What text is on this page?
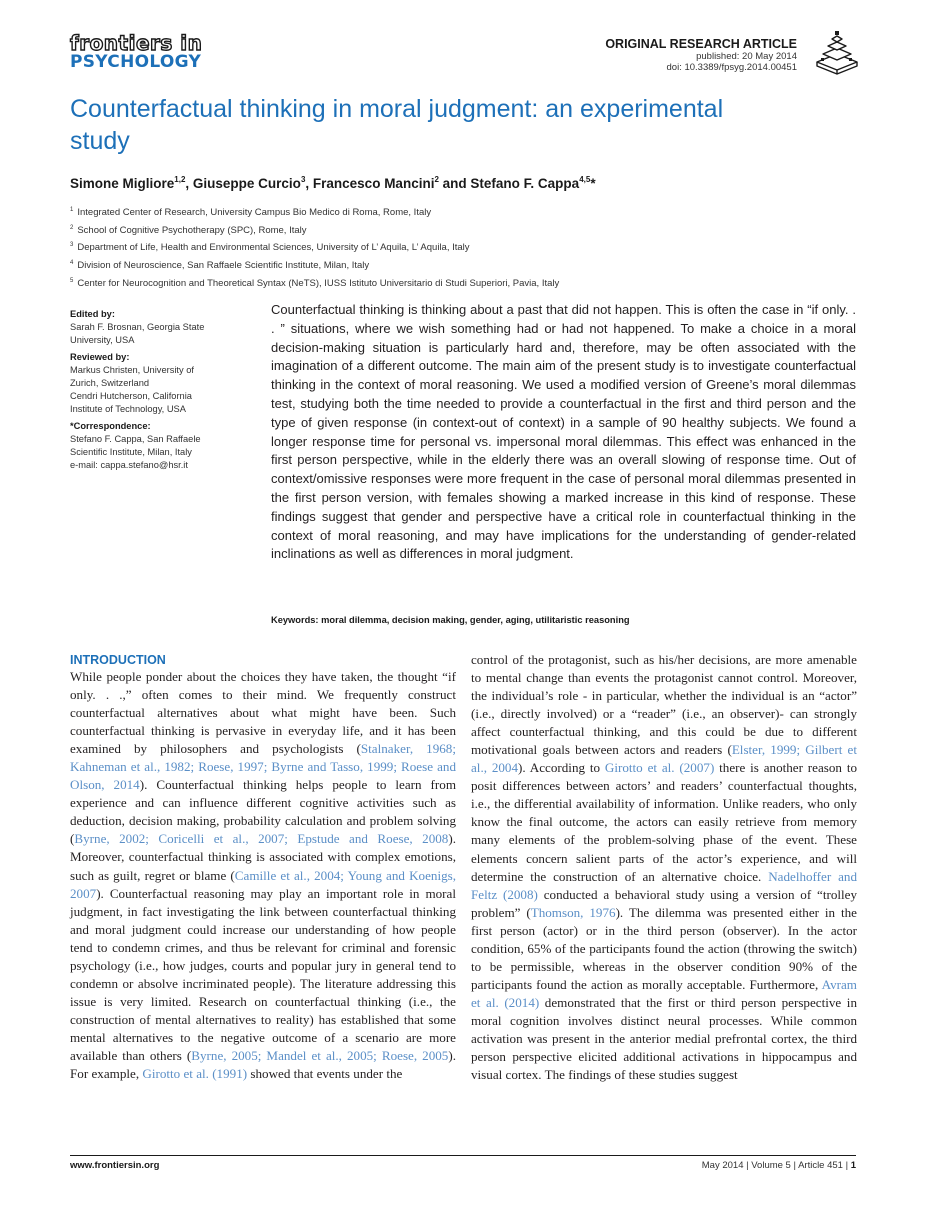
frontiers in
PSYCHOLOGY
ORIGINAL RESEARCH ARTICLE
published: 20 May 2014
doi: 10.3389/fpsyg.2014.00451
Counterfactual thinking in moral judgment: an experimental study
Simone Migliore$^{1,2}$, Giuseppe Curcio$^3$, Francesco Mancini$^2$ and Stefano F. Cappa$^{4,5}$*
$^1$ Integrated Center of Research, University Campus Bio Medico di Roma, Rome, Italy
$^2$ School of Cognitive Psychotherapy (SPC), Rome, Italy
$^3$ Department of Life, Health and Environmental Sciences, University of L’ Aquila, L’ Aquila, Italy
$^4$ Division of Neuroscience, San Raffaele Scientific Institute, Milan, Italy
$^5$ Center for Neurocognition and Theoretical Syntax (NeTS), IUSS Istituto Universitario di Studi Superiori, Pavia, Italy
Edited by:
Sarah F. Brosnan, Georgia State
University, USA
Reviewed by:
Markus Christen, University of
Zurich, Switzerland
Cendri Hutcherson, California
Institute of Technology, USA
*Correspondence:
Stefano F. Cappa, San Raffaele
Scientific Institute, Milan, Italy
e-mail: cappa.stefano@hsr.it

Counterfactual thinking is thinking about a past that did not happen. This is often the case in “if only. . . ” situations, where we wish something had or had not happened. To make a choice in a moral decision-making situation is particularly hard and, therefore, may be often associated with the imagination of a different outcome. The main aim of the present study is to investigate counterfactual thinking in the context of moral reasoning. We used a modified version of Greene’s moral dilemmas test, studying both the time needed to provide a counterfactual in the first and third person and the type of given response (in context-out of context) in a sample of 90 healthy subjects. We found a longer response time for personal vs. impersonal moral dilemmas. This effect was enhanced in the first person perspective, while in the elderly there was an overall slowing of response time. Out of context/omissive responses were more frequent in the case of personal moral dilemmas presented in the first person version, with females showing a marked increase in this kind of response. These findings suggest that gender and perspective have a critical role in counterfactual thinking in the context of moral reasoning, and may have implications for the understanding of gender-related inclinations as well as differences in moral judgment.

Keywords: moral dilemma, decision making, gender, aging, utilitaristic reasoning
INTRODUCTION

While people ponder about the choices they have taken, the thought “if only. . .,” often comes to their mind. We frequently construct counterfactual alternatives about what might have been. Such counterfactual thinking is pervasive in everyday life, and it has been examined by philosophers and psychologists (Stalnaker, 1968; Kahneman et al., 1982; Roese, 1997; Byrne and Tasso, 1999; Roese and Olson, 2014). Counterfactual thinking helps people to learn from experience and can influence different cognitive activities such as deduction, decision making, probability calculation and problem solving (Byrne, 2002; Coricelli et al., 2007; Epstude and Roese, 2008). Moreover, counterfactual thinking is associated with complex emotions, such as guilt, regret or blame (Camille et al., 2004; Young and Koenigs, 2007). Counterfactual reasoning may play an important role in moral judgment, in fact investigating the link between counterfactual thinking and moral judgment could increase our understanding of how people tend to condemn crimes, and thus be relevant for criminal and forensic psychology (i.e., how judges, courts and popular jury in general tend to condemn or absolve incriminated people). The literature addressing this issue is very limited. Research on counterfactual thinking (i.e., the construction of mental alternatives to reality) has established that some mental alternatives to the negative outcome of a scenario are more available than others (Byrne, 2005; Mandel et al., 2005; Roese, 2005). For example, Girotto et al. (1991) showed that events under the

control of the protagonist, such as his/her decisions, are more amenable to mental change than events the protagonist cannot control. Moreover, the individual’s role - in particular, whether the individual is an “actor” (i.e., directly involved) or a “reader” (i.e., an observer)- can strongly affect counterfactual thinking, and this could be due to different motivational goals between actors and readers (Elster, 1999; Gilbert et al., 2004). According to Girotto et al. (2007) there is another reason to posit differences between actors’ and readers’ counterfactual thoughts, i.e., the differential availability of information. Unlike readers, who only know the final outcome, the actors can easily retrieve from memory many elements of the problem-solving phase of the event. These elements concern salient parts of the actor’s experience, and will determine the construction of an alternative choice. Nadelhoffer and Feltz (2008) conducted a behavioral study using a version of “trolley problem” (Thomson, 1976). The dilemma was presented either in the first person (actor) or in the third person (observer). In the actor condition, 65% of the participants found the action (throwing the switch) to be permissible, whereas in the observer condition 90% of the participants found the action as morally acceptable. Furthermore, Avram et al. (2014) demonstrated that the first or third person perspective in moral cognition involves distinct neural processes. While common activation was present in the anterior medial prefrontal cortex, the third person perspective elicited additional activations in hippocampus and visual cortex. The findings of these studies suggest

www.frontiersin.org	May 2014 | Volume 5 | Article 451 | 1
